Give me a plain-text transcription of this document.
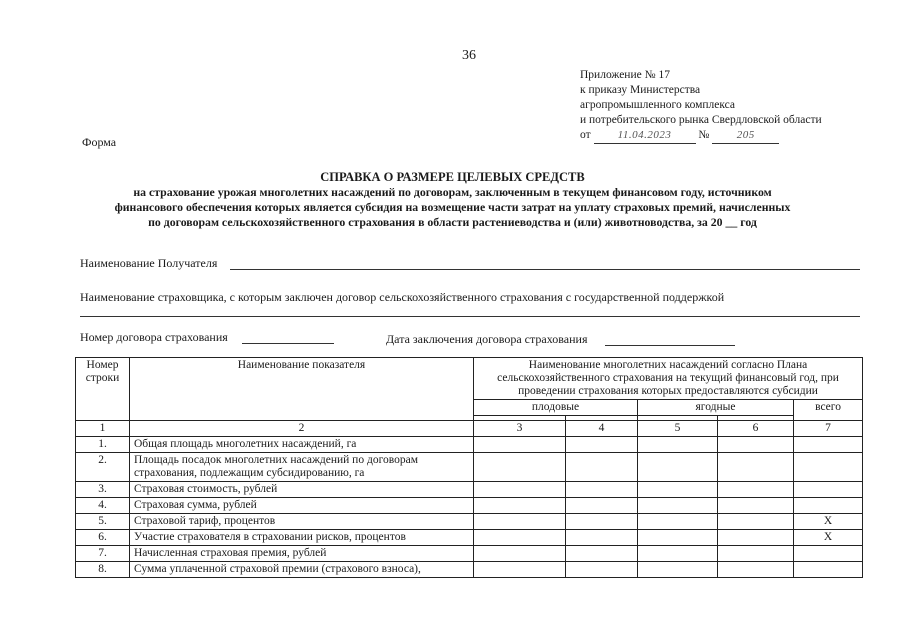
36
Приложение № 17
к приказу Министерства
агропромышленного комплекса
и потребительского рынка Свердловской области
от 11.04.2023 № 205
Форма
СПРАВКА О РАЗМЕРЕ ЦЕЛЕВЫХ СРЕДСТВ
на страхование урожая многолетних насаждений по договорам, заключенным в текущем финансовом году, источником
финансового обеспечения которых является субсидия на возмещение части затрат на уплату страховых премий, начисленных
по договорам сельскохозяйственного страхования в области растениеводства и (или) животноводства, за 20 __ год
Наименование Получателя
Наименование страховщика, с которым заключен договор сельскохозяйственного страхования с государственной поддержкой
Номер договора страхования	Дата заключения договора страхования
Номер строки	Наименование показателя	Наименование многолетних насаждений согласно Плана сельскохозяйственного страхования на текущий финансовый год, при проведении страхования которых предоставляются субсидии				
		плодовые		ягодные		всего

1	2	3	4	5	6	7
1.	Общая площадь многолетних насаждений, га					
2.	Площадь посадок многолетних насаждений по договорам страхования, подлежащим субсидированию, га					
3.	Страховая стоимость, рублей					
4.	Страховая сумма, рублей					
5.	Страховой тариф, процентов					Х
6.	Участие страхователя в страховании рисков, процентов					Х
7.	Начисленная страховая премия, рублей					
8.	Сумма уплаченной страховой премии (страхового взноса),					
